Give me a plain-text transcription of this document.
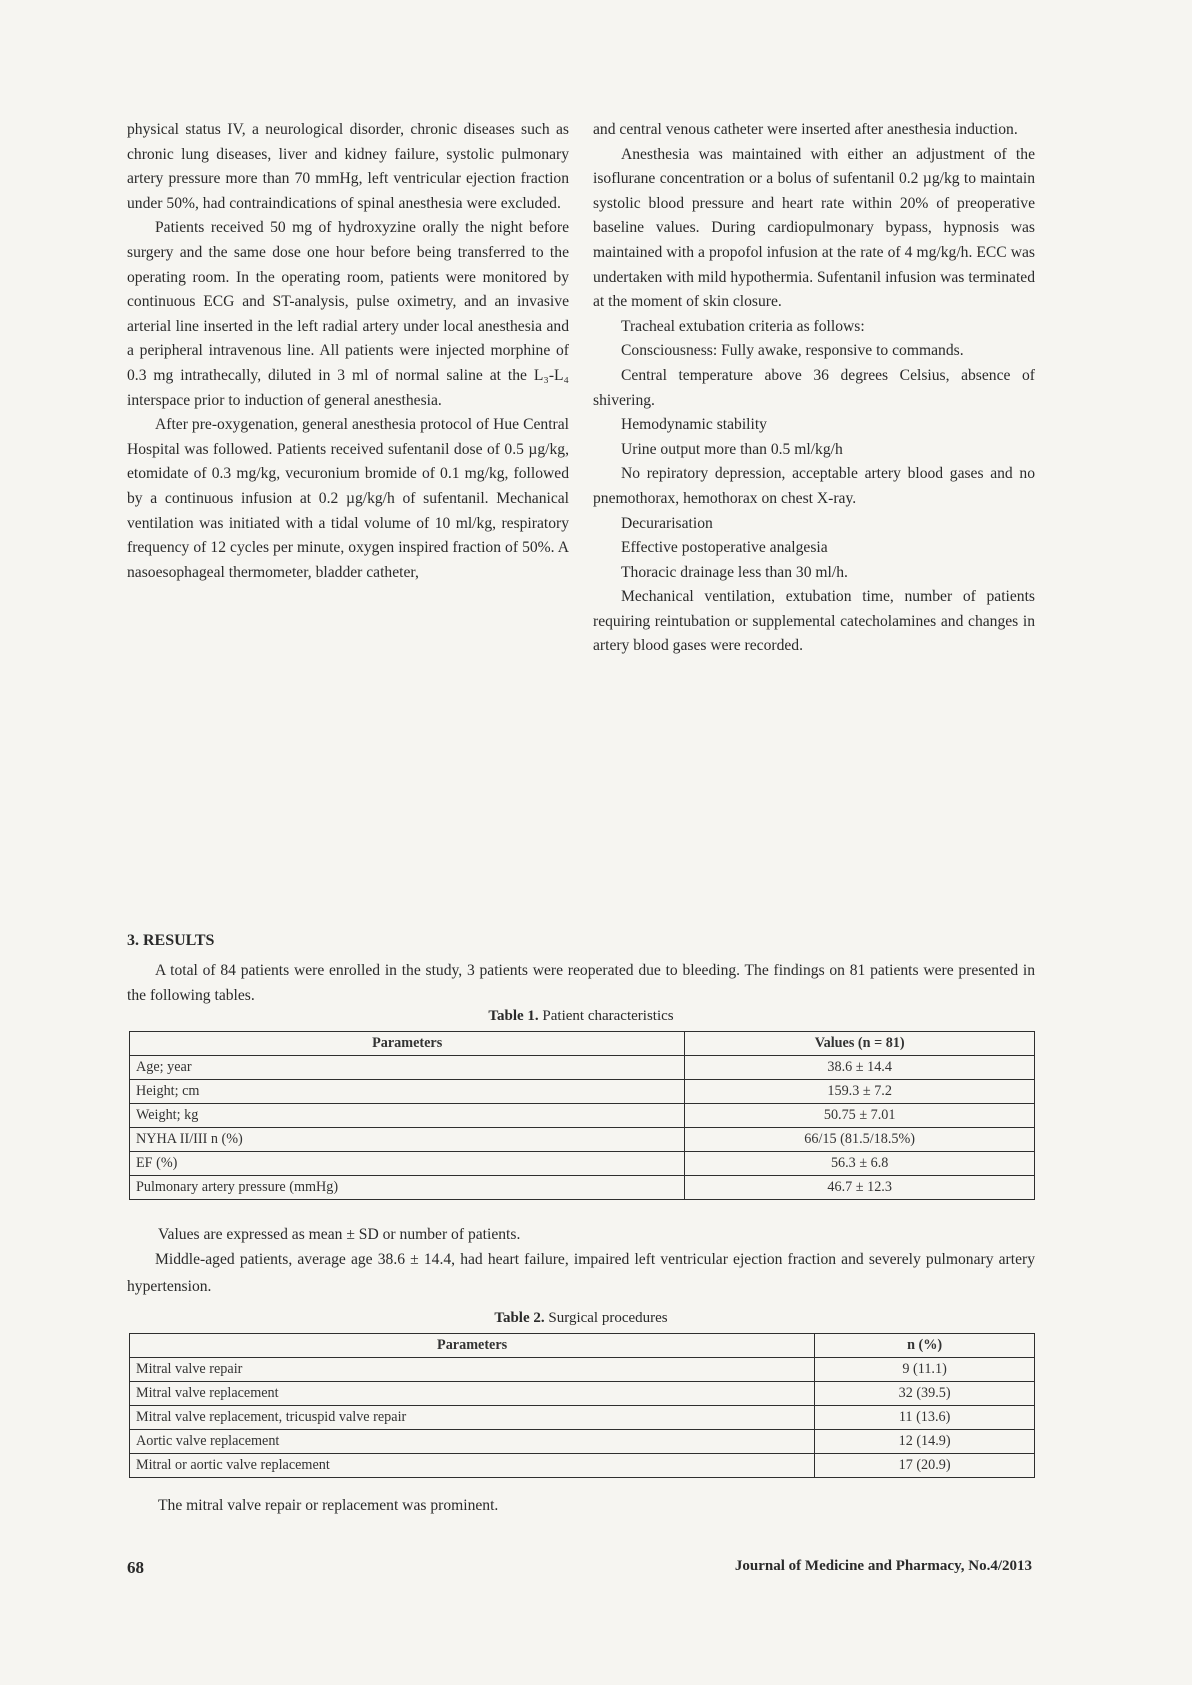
physical status IV, a neurological disorder, chronic diseases such as chronic lung diseases, liver and kidney failure, systolic pulmonary artery pressure more than 70 mmHg, left ventricular ejection fraction under 50%, had contraindications of spinal anesthesia were excluded.

Patients received 50 mg of hydroxyzine orally the night before surgery and the same dose one hour before being transferred to the operating room. In the operating room, patients were monitored by continuous ECG and ST-analysis, pulse oximetry, and an invasive arterial line inserted in the left radial artery under local anesthesia and a peripheral intravenous line. All patients were injected morphine of 0.3 mg intrathecally, diluted in 3 ml of normal saline at the L₃-L₄ interspace prior to induction of general anesthesia.

After pre-oxygenation, general anesthesia protocol of Hue Central Hospital was followed. Patients received sufentanil dose of 0.5 µg/kg, etomidate of 0.3 mg/kg, vecuronium bromide of 0.1 mg/kg, followed by a continuous infusion at 0.2 µg/kg/h of sufentanil. Mechanical ventilation was initiated with a tidal volume of 10 ml/kg, respiratory frequency of 12 cycles per minute, oxygen inspired fraction of 50%. A nasoesophageal thermometer, bladder catheter,

and central venous catheter were inserted after anesthesia induction.

Anesthesia was maintained with either an adjustment of the isoflurane concentration or a bolus of sufentanil 0.2 µg/kg to maintain systolic blood pressure and heart rate within 20% of preoperative baseline values. During cardiopulmonary bypass, hypnosis was maintained with a propofol infusion at the rate of 4 mg/kg/h. ECC was undertaken with mild hypothermia. Sufentanil infusion was terminated at the moment of skin closure.

Tracheal extubation criteria as follows:

Consciousness: Fully awake, responsive to commands.

Central temperature above 36 degrees Celsius, absence of shivering.

Hemodynamic stability

Urine output more than 0.5 ml/kg/h

No repiratory depression, acceptable artery blood gases and no pnemothorax, hemothorax on chest X-ray.

Decurarisation

Effective postoperative analgesia

Thoracic drainage less than 30 ml/h.

Mechanical ventilation, extubation time, number of patients requiring reintubation or supplemental catecholamines and changes in artery blood gases were recorded.

3. RESULTS

A total of 84 patients were enrolled in the study, 3 patients were reoperated due to bleeding. The findings on 81 patients were presented in the following tables.

Table 1. Patient characteristics
Parameters	Values (n = 81)
Age; year	38.6 ± 14.4
Height; cm	159.3 ± 7.2
Weight; kg	50.75 ± 7.01
NYHA II/III n (%)	66/15 (81.5/18.5%)
EF (%)	56.3 ± 6.8
Pulmonary artery pressure (mmHg)	46.7 ± 12.3
Values are expressed as mean ± SD or number of patients.

Middle-aged patients, average age 38.6 ± 14.4, had heart failure, impaired left ventricular ejection fraction and severely pulmonary artery hypertension.

Table 2. Surgical procedures
Parameters	n (%)
Mitral valve repair	9 (11.1)
Mitral valve replacement	32 (39.5)
Mitral valve replacement, tricuspid valve repair	11 (13.6)
Aortic valve replacement	12 (14.9)
Mitral or aortic valve replacement	17 (20.9)
The mitral valve repair or replacement was prominent.
68	Journal of Medicine and Pharmacy, No.4/2013
